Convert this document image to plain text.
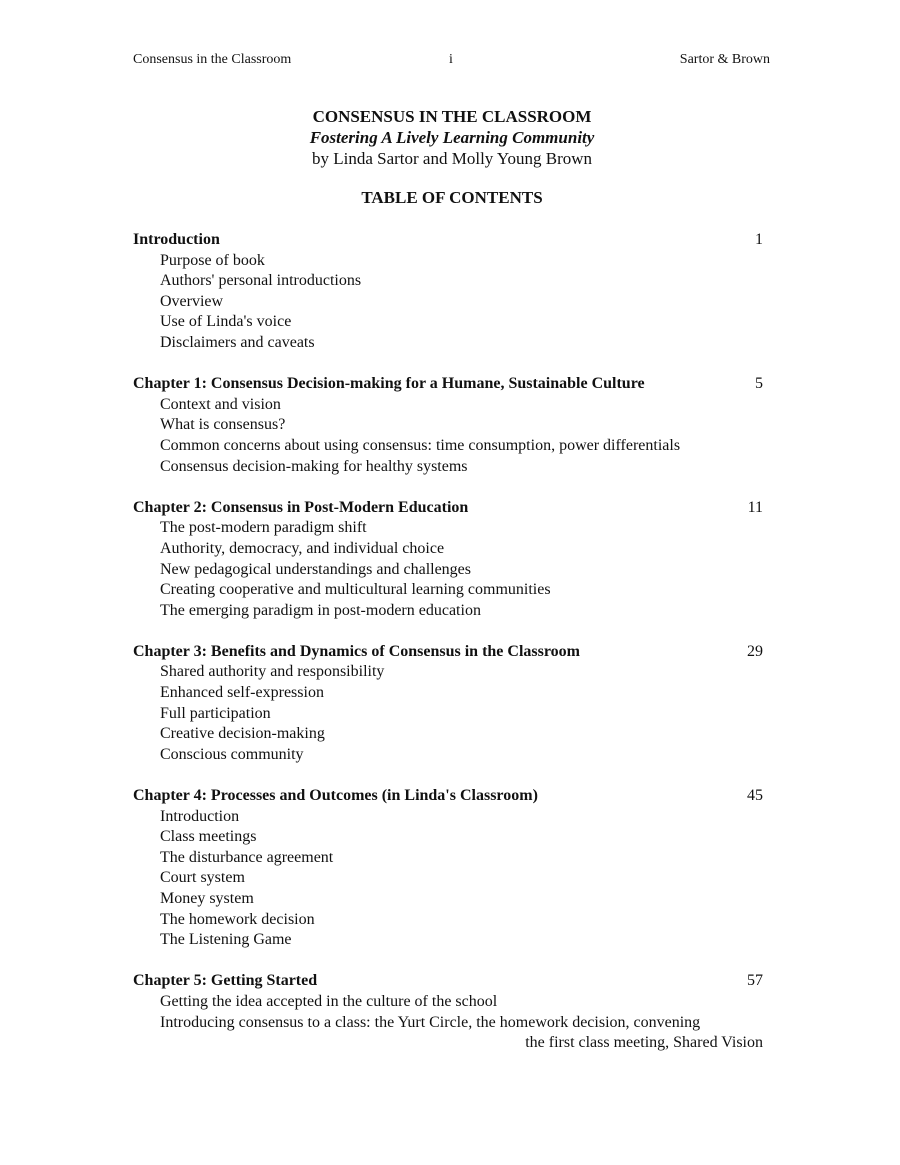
Consensus in the Classroom	i	Sartor & Brown
CONSENSUS IN THE CLASSROOM
Fostering A Lively Learning Community
by Linda Sartor and Molly Young Brown
TABLE OF CONTENTS
Introduction	1
Purpose of book
Authors' personal introductions
Overview
Use of Linda's voice
Disclaimers and caveats
Chapter 1: Consensus Decision-making for a Humane, Sustainable Culture	5
Context and vision
What is consensus?
Common concerns about using consensus: time consumption, power differentials
Consensus decision-making for healthy systems
Chapter 2: Consensus in Post-Modern Education	11
The post-modern paradigm shift
Authority, democracy, and individual choice
New pedagogical understandings and challenges
Creating cooperative and multicultural learning communities
The emerging paradigm in post-modern education
Chapter 3: Benefits and Dynamics of Consensus in the Classroom	29
Shared authority and responsibility
Enhanced self-expression
Full participation
Creative decision-making
Conscious community
Chapter 4: Processes and Outcomes (in Linda's Classroom)	45
Introduction
Class meetings
The disturbance agreement
Court system
Money system
The homework decision
The Listening Game
Chapter 5: Getting Started	57
Getting the idea accepted in the culture of the school
Introducing consensus to a class: the Yurt Circle, the homework decision, convening
the first class meeting, Shared Vision
